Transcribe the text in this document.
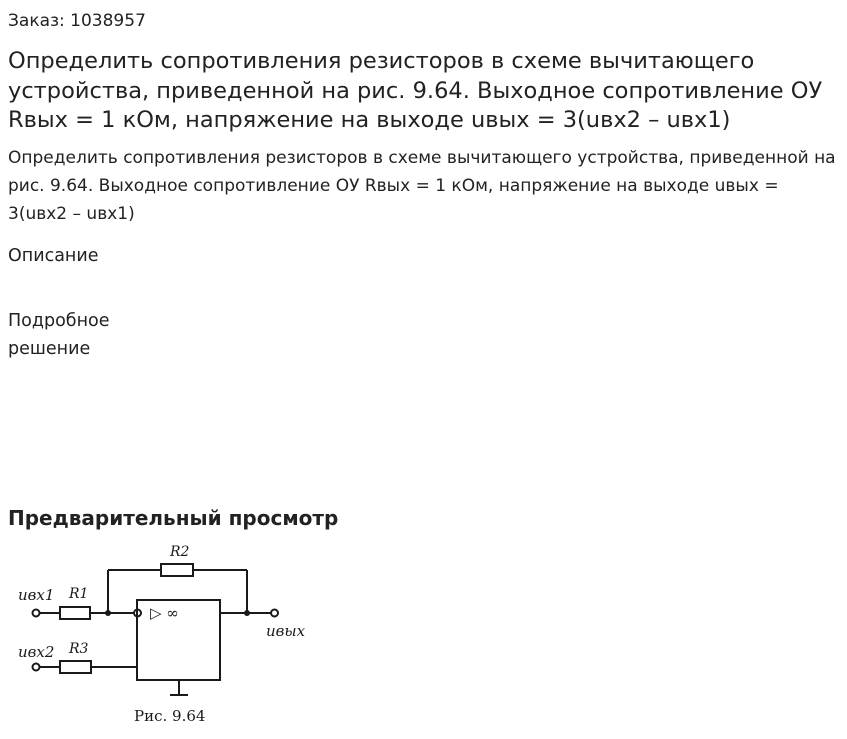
Заказ: 1038957

Определить сопротивления резисторов в схеме вычитающего устройства, приведенной на рис. 9.64. Выходное сопротивление ОУ Rвых = 1 кОм, напряжение на выходе uвых = 3(uвх2 – uвх1)

Определить сопротивления резисторов в схеме вычитающего устройства, приведенной на рис. 9.64. Выходное сопротивление ОУ Rвых = 1 кОм, напряжение на выходе uвых = 3(uвх2 – uвх1)

Описание

Подробное решение

Предварительный просмотр
uвх1
uвх2
uвых
R1
R2
R3
▷ ∞
Рис. 9.64
